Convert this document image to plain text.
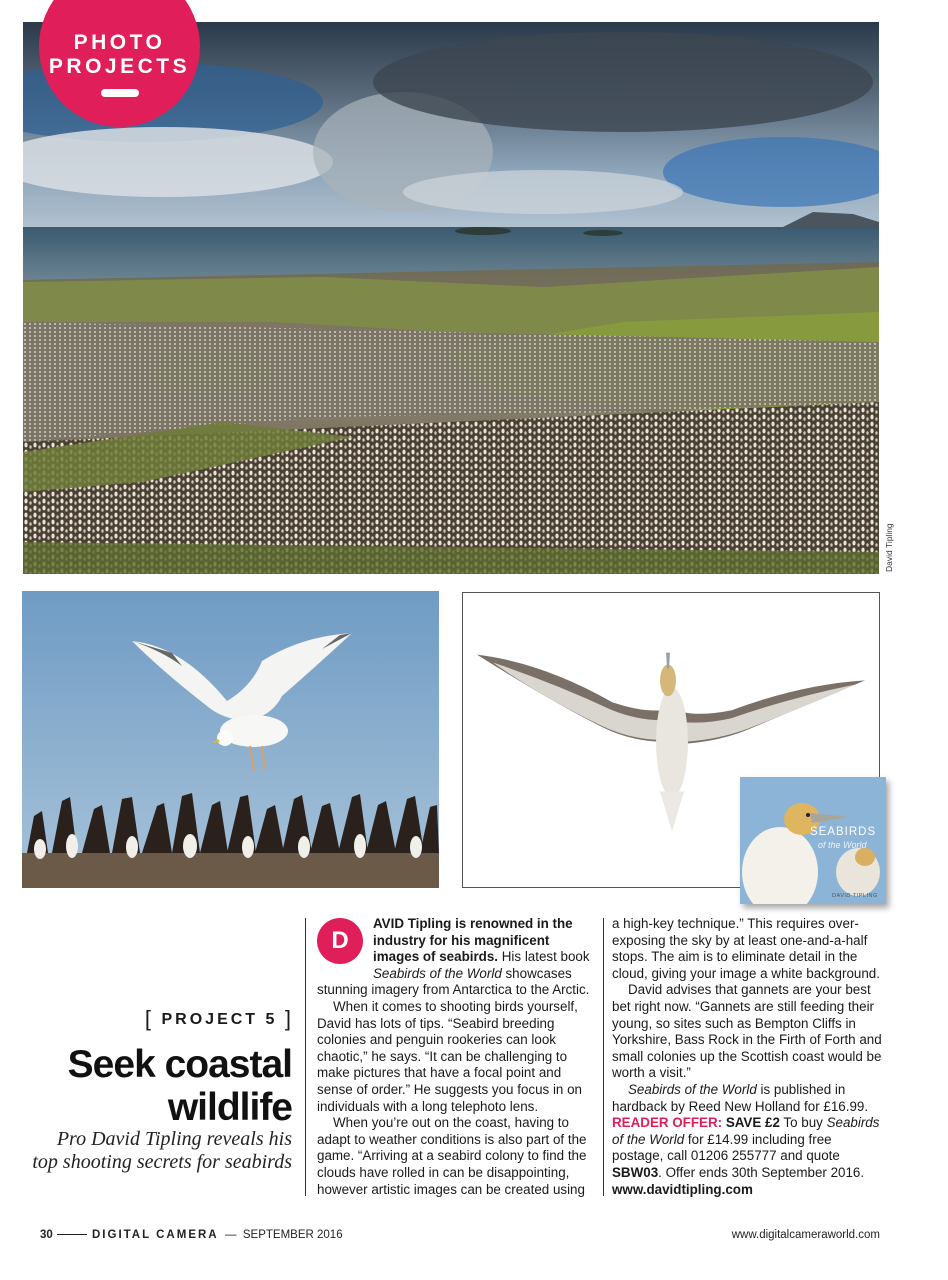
David Tipling
PHOTO
PROJECTS
SEABIRDS
of the World
DAVID TIPLING
[ PROJECT 5 ]
Seek coastal wildlife
Pro David Tipling reveals his top shooting secrets for seabirds

D
AVID Tipling is renowned in the industry for his magnificent images of seabirds. His latest book Seabirds of the World showcases stunning imagery from Antarctica to the Arctic.

When it comes to shooting birds yourself, David has lots of tips. “Seabird breeding colonies and penguin rookeries can look chaotic,” he says. “It can be challenging to make pictures that have a focal point and sense of order.” He suggests you focus in on individuals with a long telephoto lens.

When you’re out on the coast, having to adapt to weather conditions is also part of the game. “Arriving at a seabird colony to find the clouds have rolled in can be disappointing, however artistic images can be created using

a high-key technique.” This requires over-exposing the sky by at least one-and-a-half stops. The aim is to eliminate detail in the cloud, giving your image a white background.

David advises that gannets are your best bet right now. “Gannets are still feeding their young, so sites such as Bempton Cliffs in Yorkshire, Bass Rock in the Firth of Forth and small colonies up the Scottish coast would be worth a visit.”

Seabirds of the World is published in hardback by Reed New Holland for £16.99.

READER OFFER: SAVE £2 To buy Seabirds of the World for £14.99 including free postage, call 01206 255777 and quote SBW03. Offer ends 30th September 2016.

www.davidtipling.com

30	DIGITAL CAMERA  —  SEPTEMBER 2016	www.digitalcameraworld.com
